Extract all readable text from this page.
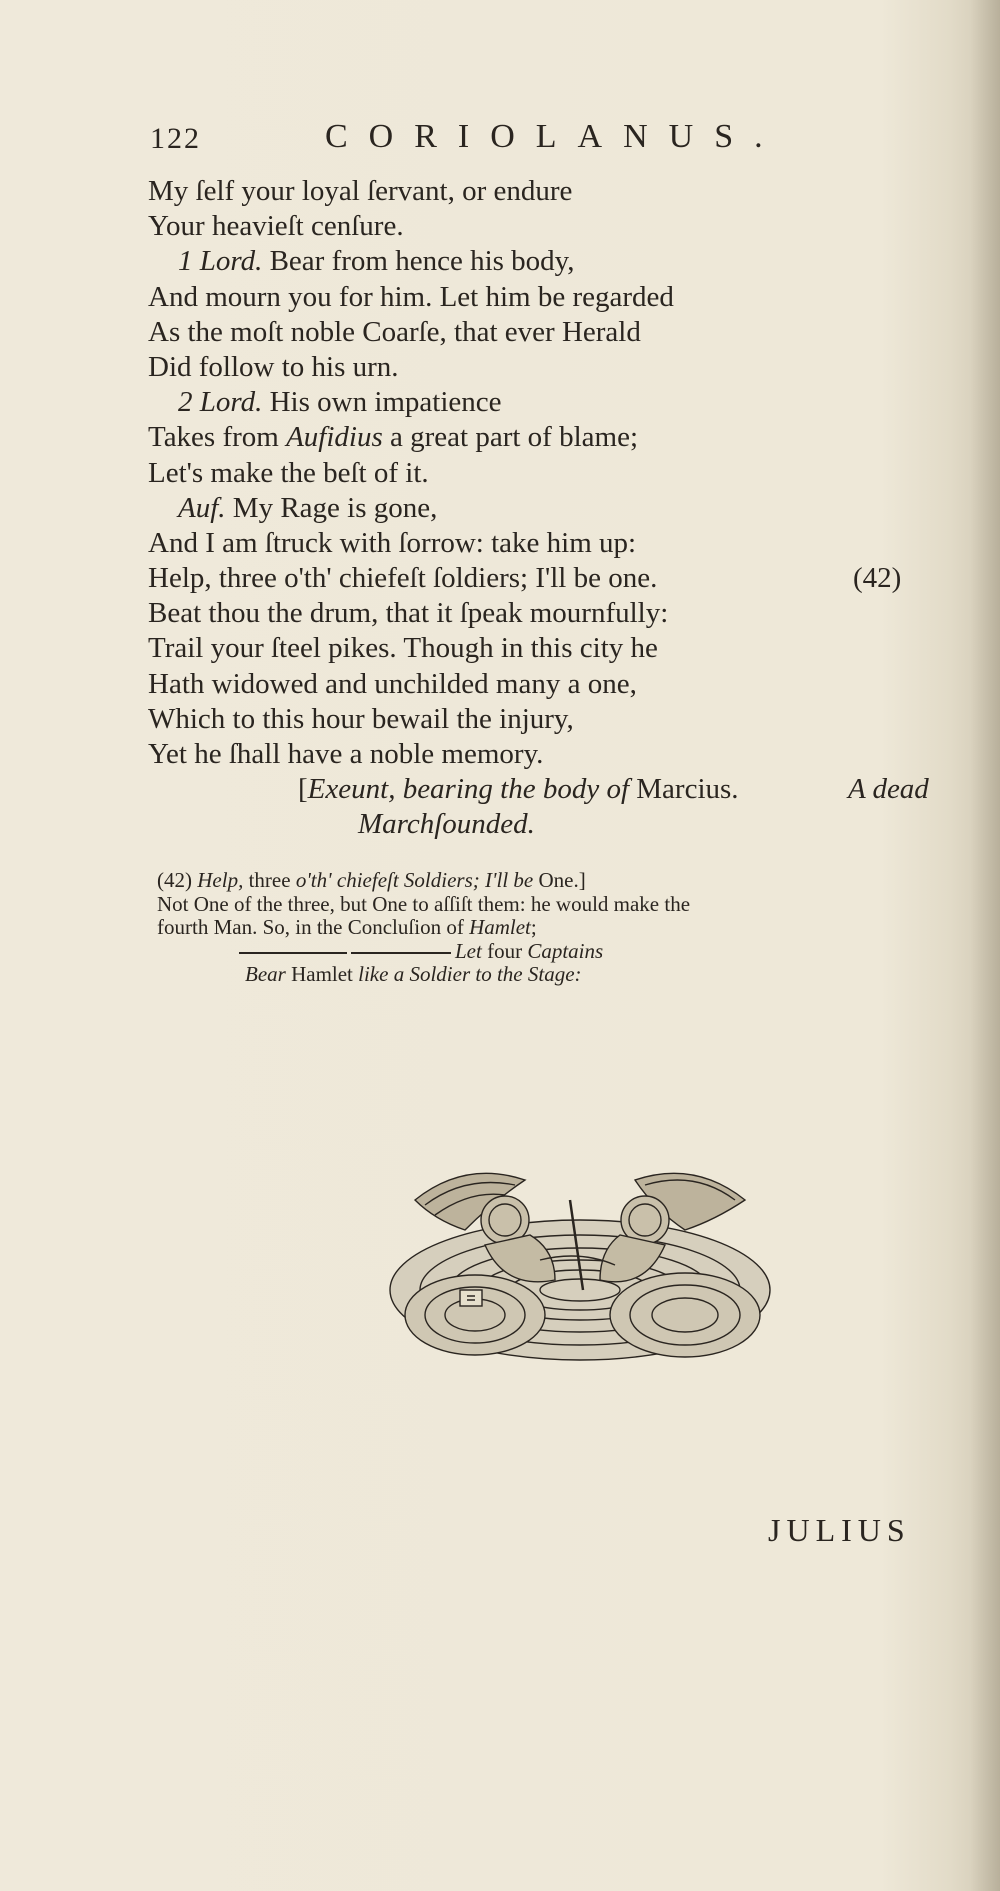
122	CORIOLANUS.
My ſelf your loyal ſervant, or endure
Your heavieſt cenſure.
1 Lord. Bear from hence his body,
And mourn you for him. Let him be regarded
As the moſt noble Coarſe, that ever Herald
Did follow to his urn.
2 Lord. His own impatience
Takes from Aufidius a great part of blame;
Let's make the beſt of it.
Auf. My Rage is gone,
And I am ſtruck with ſorrow: take him up:
Help, three o'th' chiefeſt ſoldiers; I'll be one.	(42)
Beat thou the drum, that it ſpeak mournfully:
Trail your ſteel pikes. Though in this city he
Hath widowed and unchilded many a one,
Which to this hour bewail the injury,
Yet he ſhall have a noble memory.
[Exeunt, bearing the body of Marcius.	A dead
Marchſounded.
(42) Help, three o'th' chiefeſt Soldiers; I'll be One.]
Not One of the three, but One to aſſiſt them: he would make the
fourth Man. So, in the Concluſion of Hamlet;
Let four Captains
Bear Hamlet like a Soldier to the Stage:
JULIUS
